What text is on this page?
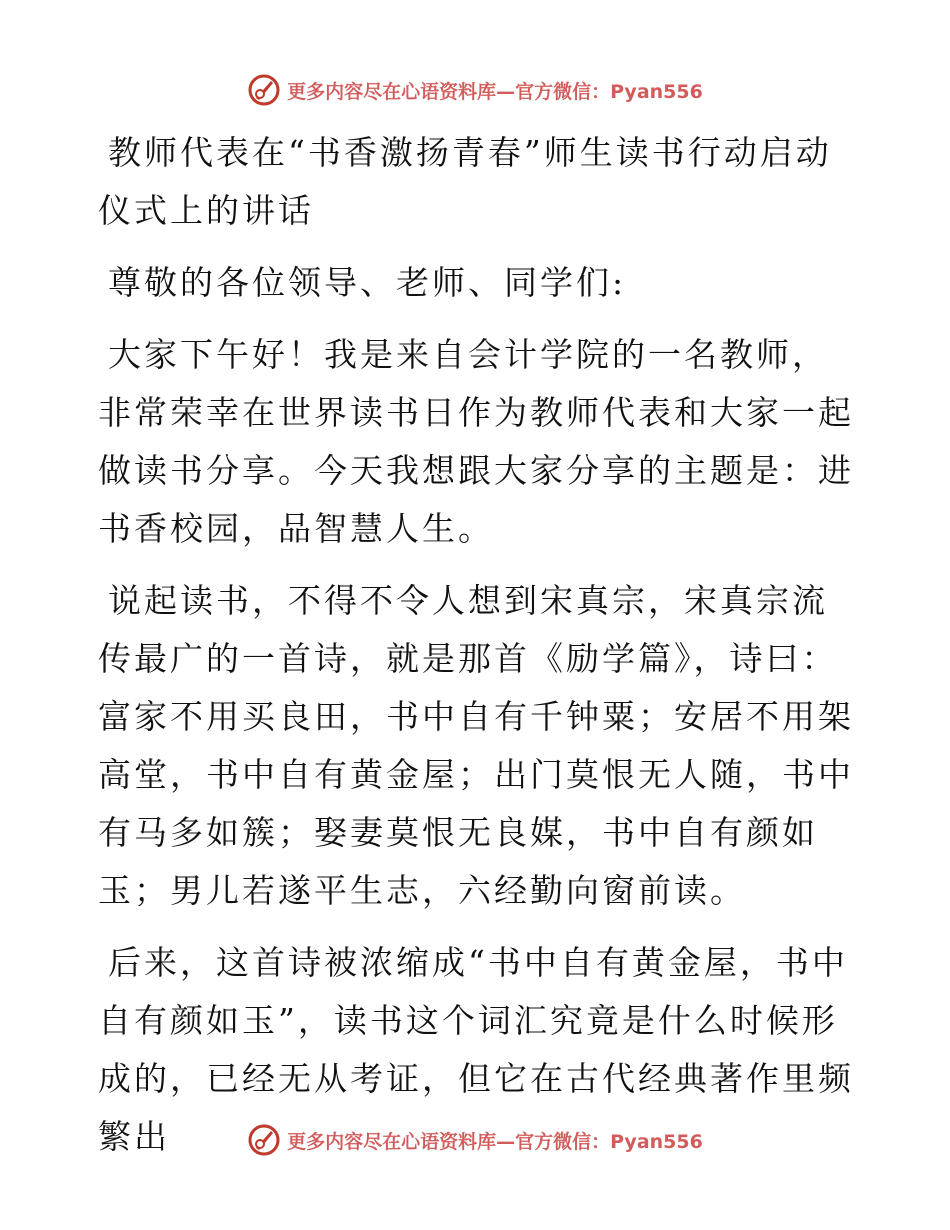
更多内容尽在心语资料库—官方微信：Pyan556

教师代表在“书香激扬青春”师生读书行动启动仪式上的讲话

尊敬的各位领导、老师、同学们:

大家下午好！我是来自会计学院的一名教师，非常荣幸在世界读书日作为教师代表和大家一起做读书分享。今天我想跟大家分享的主题是：进书香校园，品智慧人生。

说起读书，不得不令人想到宋真宗，宋真宗流传最广的一首诗，就是那首《励学篇》，诗曰：富家不用买良田，书中自有千钟粟；安居不用架高堂，书中自有黄金屋；出门莫恨无人随，书中有马多如簇；娶妻莫恨无良媒，书中自有颜如玉；男儿若遂平生志，六经勤向窗前读。

后来，这首诗被浓缩成“书中自有黄金屋，书中自有颜如玉”，读书这个词汇究竟是什么时候形成的，已经无从考证，但它在古代经典著作里频繁出	更多内容尽在心语资料库—官方微信：Pyan556
